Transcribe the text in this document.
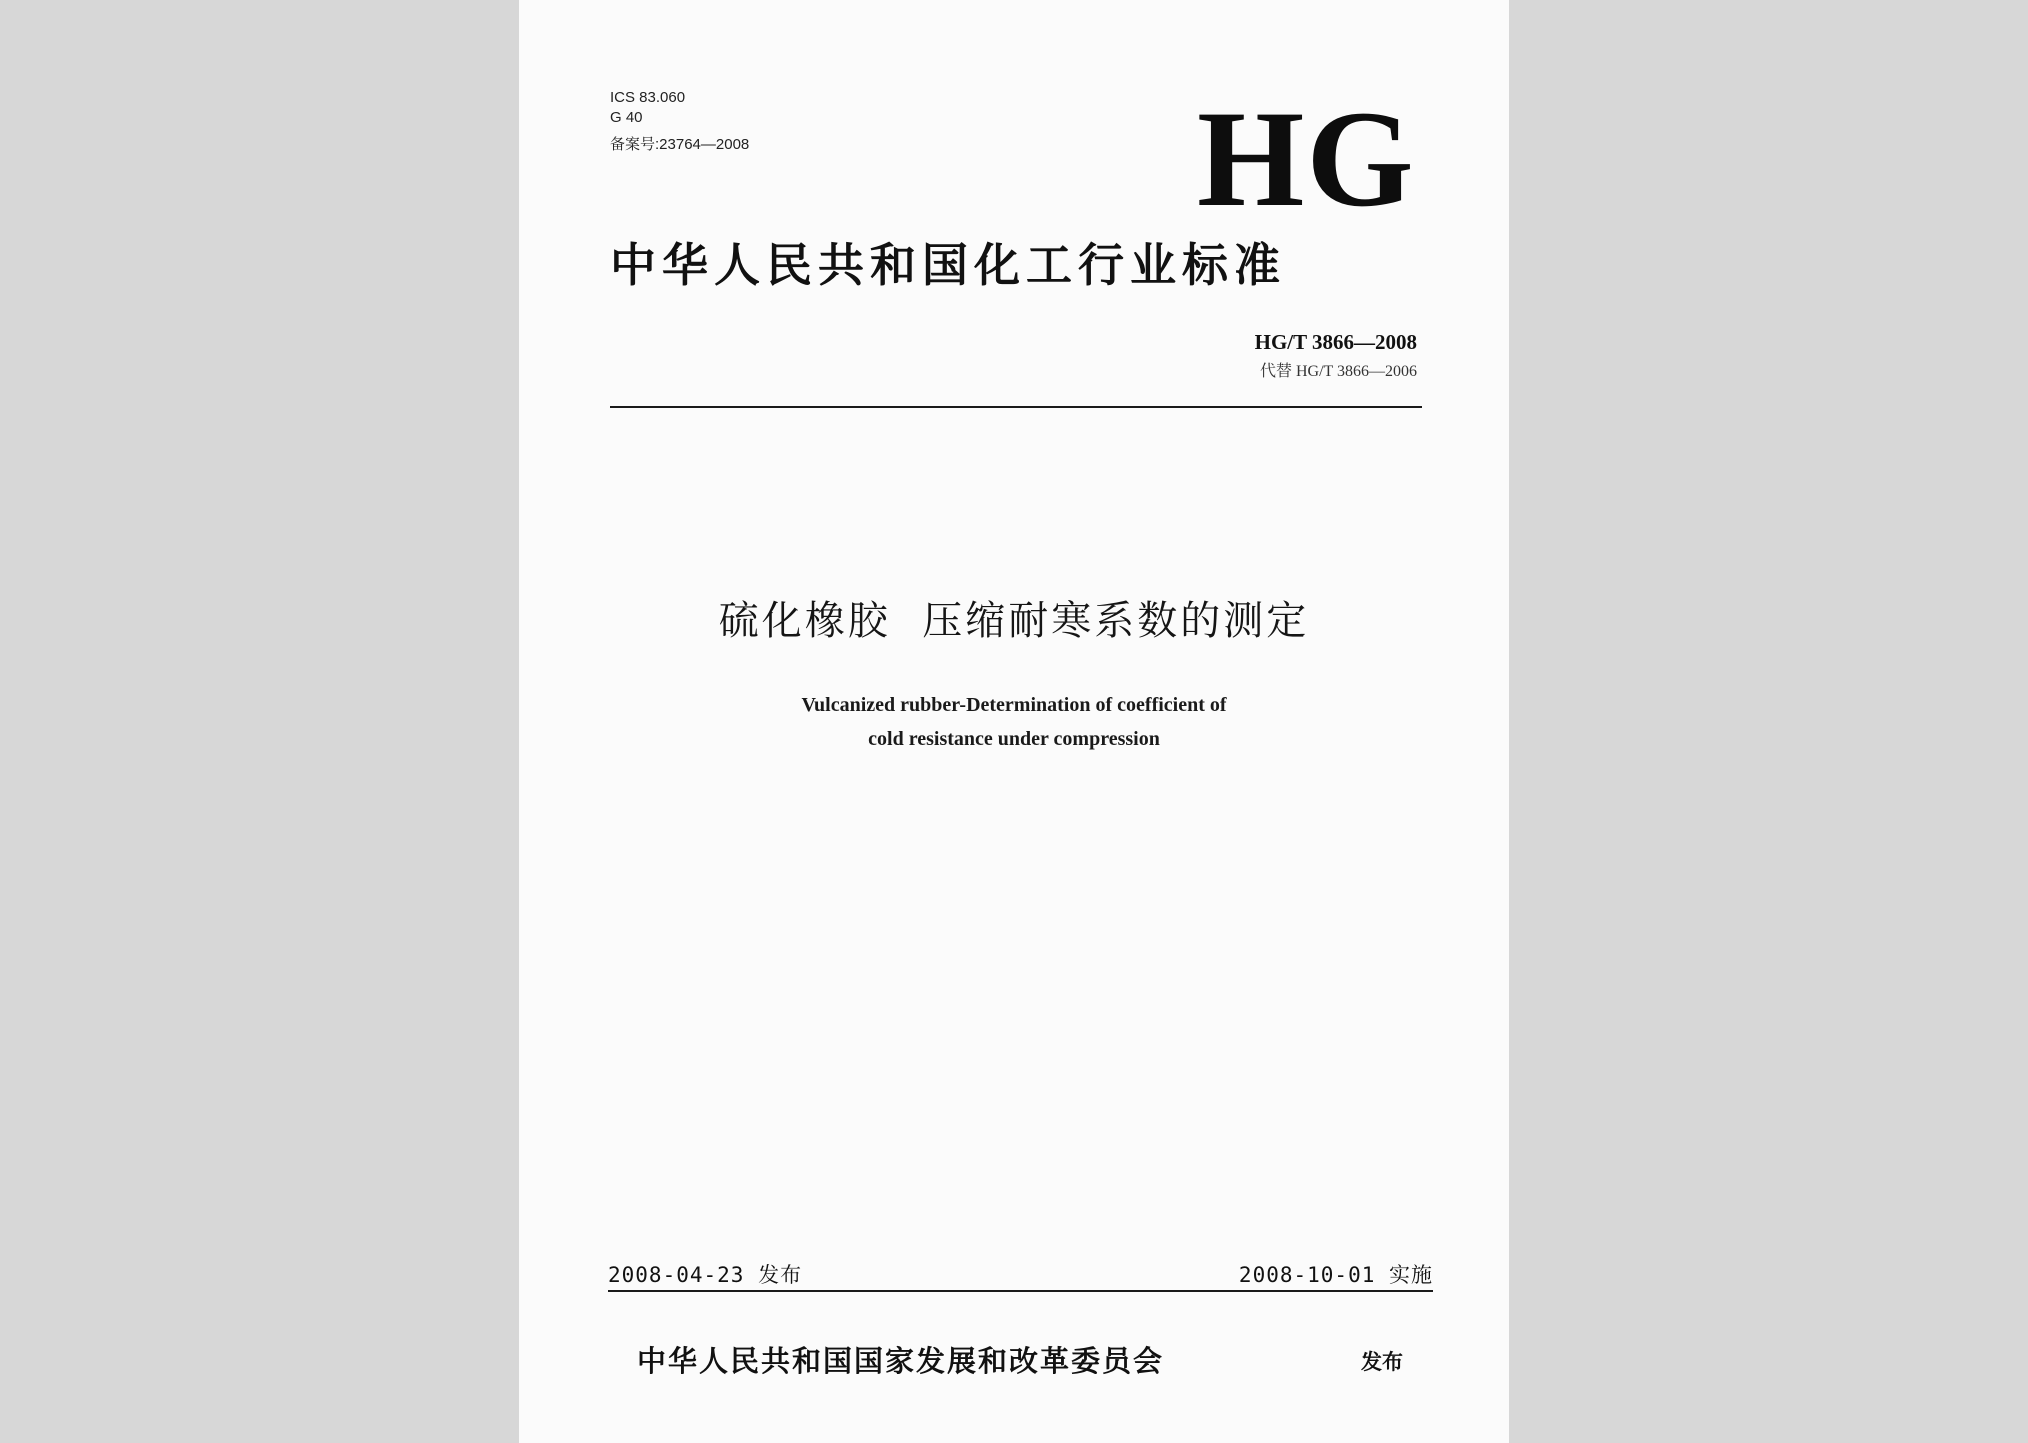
ICS 83.060
G 40
备案号:23764—2008	HG
中华人民共和国化工行业标准
HG/T 3866—2008
代替 HG/T 3866—2006
硫化橡胶  压缩耐寒系数的测定
Vulcanized rubber-Determination of coefficient of
cold resistance under compression
2008-04-23 发布	2008-10-01 实施
中华人民共和国国家发展和改革委员会	发布
